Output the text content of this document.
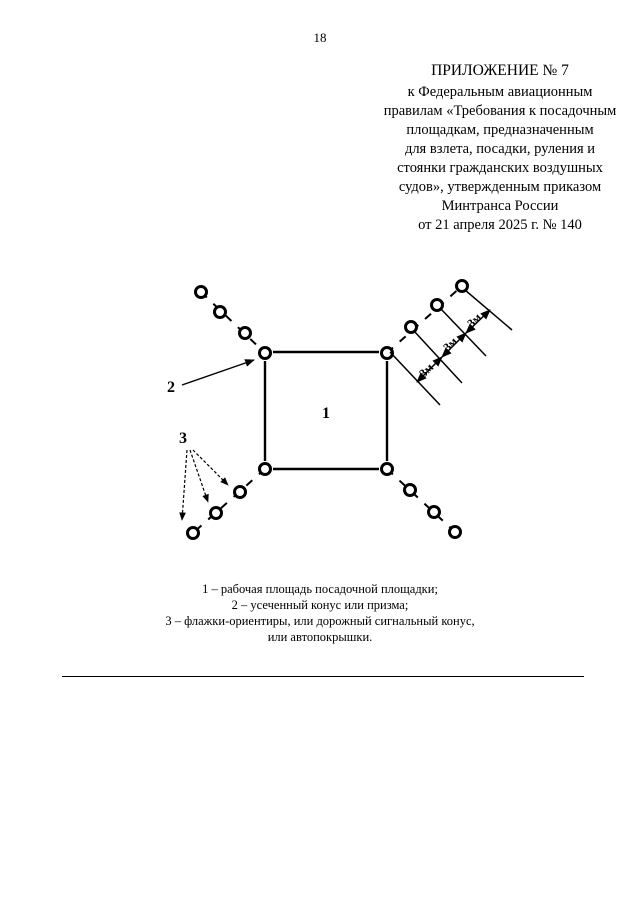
18
ПРИЛОЖЕНИЕ № 7
к Федеральным авиационным
правилам «Требования к посадочным
площадкам, предназначенным
для взлета, посадки, руления и
стоянки гражданских воздушных
судов», утвержденным приказом
Минтранса России
от 21 апреля 2025 г. № 140
3м
3м
3м
1
2
3
1 – рабочая площадь посадочной площадки;
2 – усеченный конус или призма;
3 – флажки-ориентиры, или дорожный сигнальный конус,
или автопокрышки.
